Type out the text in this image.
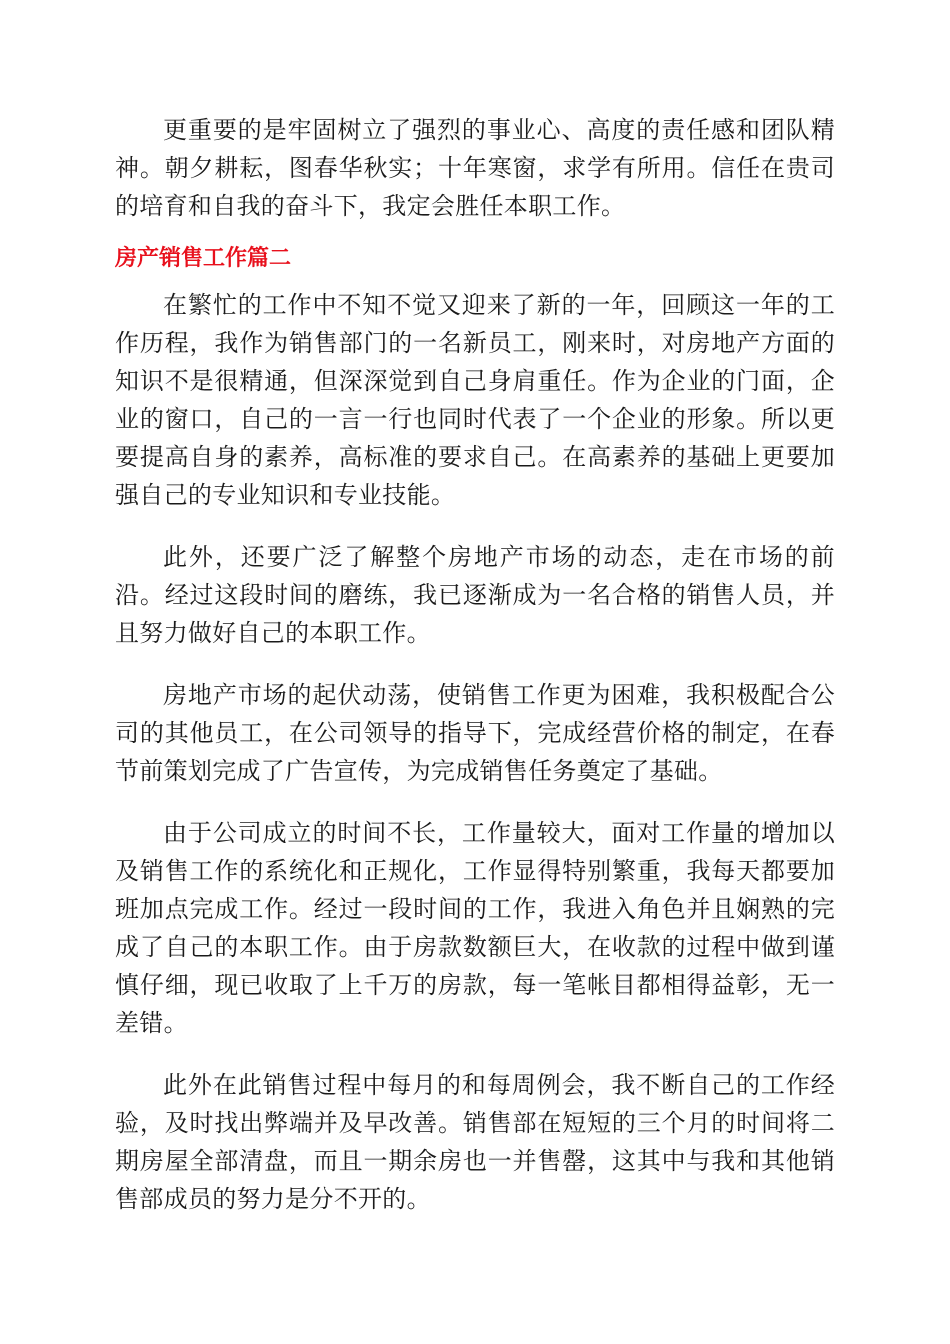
更重要的是牢固树立了强烈的事业心、高度的责任感和团队精神。朝夕耕耘，图春华秋实；十年寒窗，求学有所用。信任在贵司的培育和自我的奋斗下，我定会胜任本职工作。

房产销售工作篇二

在繁忙的工作中不知不觉又迎来了新的一年，回顾这一年的工作历程，我作为销售部门的一名新员工，刚来时，对房地产方面的知识不是很精通，但深深觉到自己身肩重任。作为企业的门面，企业的窗口，自己的一言一行也同时代表了一个企业的形象。所以更要提高自身的素养，高标准的要求自己。在高素养的基础上更要加强自己的专业知识和专业技能。

此外，还要广泛了解整个房地产市场的动态，走在市场的前沿。经过这段时间的磨练，我已逐渐成为一名合格的销售人员，并且努力做好自己的本职工作。

房地产市场的起伏动荡，使销售工作更为困难，我积极配合公司的其他员工，在公司领导的指导下，完成经营价格的制定，在春节前策划完成了广告宣传，为完成销售任务奠定了基础。

由于公司成立的时间不长，工作量较大，面对工作量的增加以及销售工作的系统化和正规化，工作显得特别繁重，我每天都要加班加点完成工作。经过一段时间的工作，我进入角色并且娴熟的完成了自己的本职工作。由于房款数额巨大，在收款的过程中做到谨慎仔细，现已收取了上千万的房款，每一笔帐目都相得益彰，无一差错。

此外在此销售过程中每月的和每周例会，我不断自己的工作经验，及时找出弊端并及早改善。销售部在短短的三个月的时间将二期房屋全部清盘，而且一期余房也一并售罄，这其中与我和其他销售部成员的努力是分不开的。
